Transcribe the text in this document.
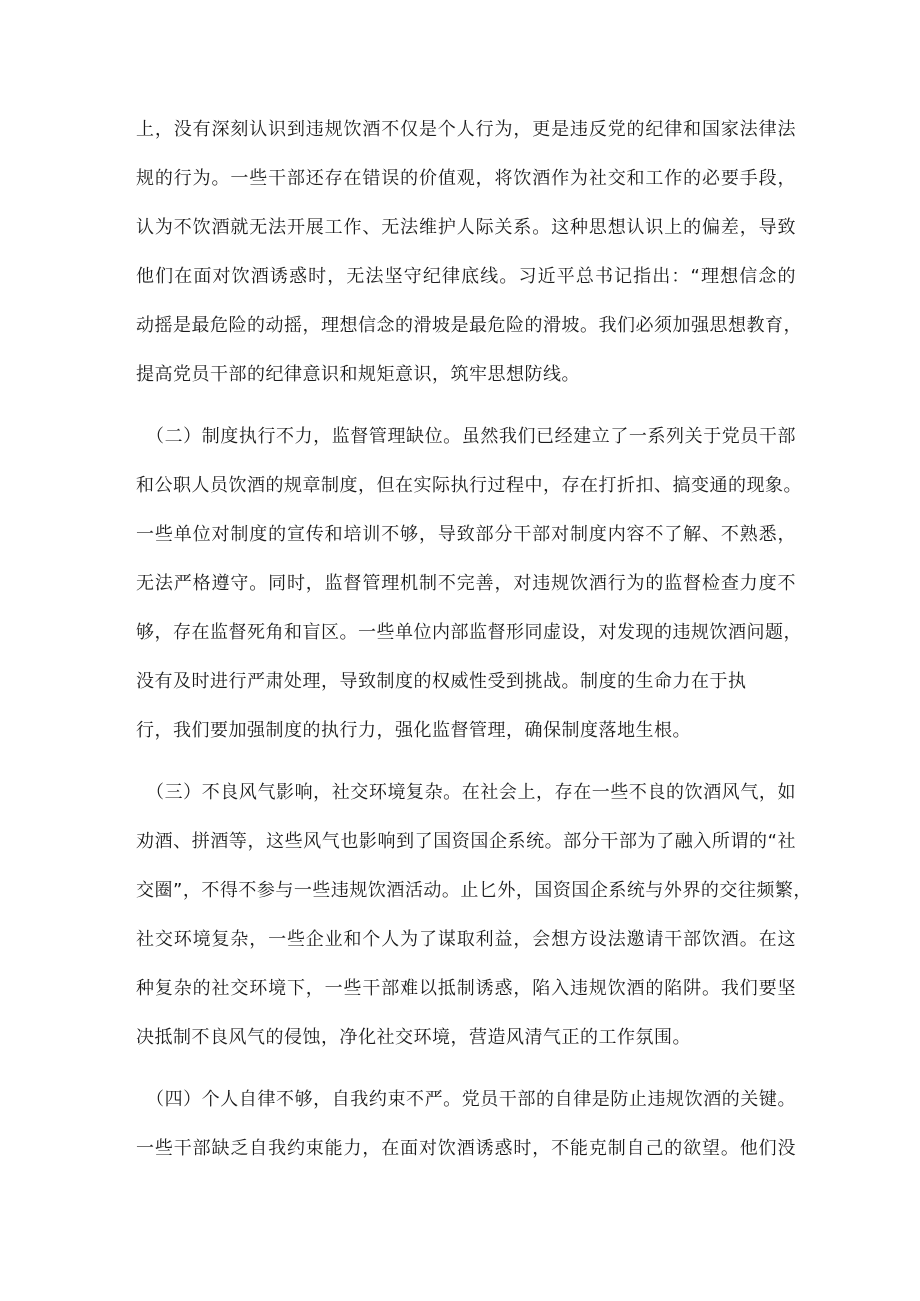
上，没有深刻认识到违规饮酒不仅是个人行为，更是违反党的纪律和国家法律法
规的行为。一些干部还存在错误的价值观，将饮酒作为社交和工作的必要手段，
认为不饮酒就无法开展工作、无法维护人际关系。这种思想认识上的偏差，导致
他们在面对饮酒诱惑时，无法坚守纪律底线。习近平总书记指出：“理想信念的
动摇是最危险的动摇，理想信念的滑坡是最危险的滑坡。我们必须加强思想教育，
提高党员干部的纪律意识和规矩意识，筑牢思想防线。
（二）制度执行不力，监督管理缺位。虽然我们已经建立了一系列关于党员干部
和公职人员饮酒的规章制度，但在实际执行过程中，存在打折扣、搞变通的现象。
一些单位对制度的宣传和培训不够，导致部分干部对制度内容不了解、不熟悉，
无法严格遵守。同时，监督管理机制不完善，对违规饮酒行为的监督检查力度不
够，存在监督死角和盲区。一些单位内部监督形同虚设，对发现的违规饮酒问题，
没有及时进行严肃处理，导致制度的权威性受到挑战。制度的生命力在于执
行，我们要加强制度的执行力，强化监督管理，确保制度落地生根。
（三）不良风气影响，社交环境复杂。在社会上，存在一些不良的饮酒风气，如
劝酒、拼酒等，这些风气也影响到了国资国企系统。部分干部为了融入所谓的“社
交圈”，不得不参与一些违规饮酒活动。止匕外，国资国企系统与外界的交往频繁，
社交环境复杂，一些企业和个人为了谋取利益，会想方设法邀请干部饮酒。在这
种复杂的社交环境下，一些干部难以抵制诱惑，陷入违规饮酒的陷阱。我们要坚
决抵制不良风气的侵蚀，净化社交环境，营造风清气正的工作氛围。
（四）个人自律不够，自我约束不严。党员干部的自律是防止违规饮酒的关键。
一些干部缺乏自我约束能力，在面对饮酒诱惑时，不能克制自己的欲望。他们没
